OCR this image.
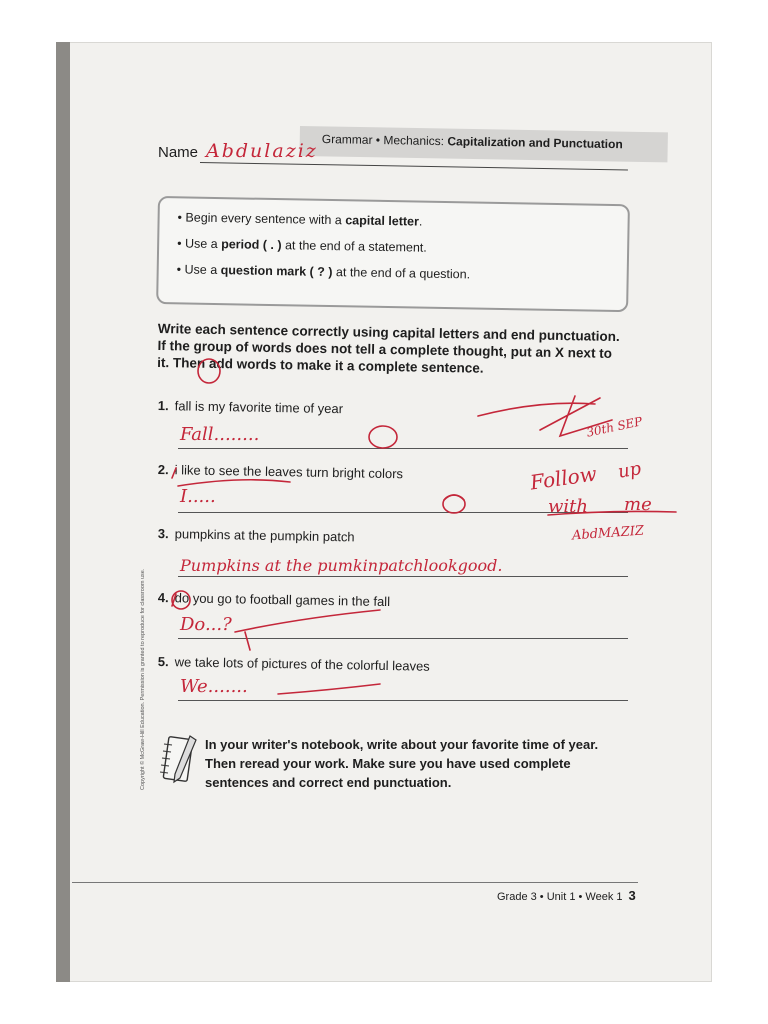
Grammar • Mechanics: Capitalization and Punctuation
Name Abdulaziz
• Begin every sentence with a capital letter.
• Use a period ( . ) at the end of a statement.
• Use a question mark ( ? ) at the end of a question.
Write each sentence correctly using capital letters and end punctuation. If the group of words does not tell a complete thought, put an X next to it. Then add words to make it a complete sentence.
1. fall is my favorite time of year
Fall........
2. i like to see the leaves turn bright colors
I.....
3. pumpkins at the pumpkin patch
Pumpkins at the pumkinpatchlookgood.
4. do you go to football games in the fall
Do...?
5. we take lots of pictures of the colorful leaves
We.......
30th SEP
Follow up
with me
AbdMAZIZ
In your writer's notebook, write about your favorite time of year. Then reread your work. Make sure you have used complete sentences and correct end punctuation.
Copyright © McGraw-Hill Education. Permission is granted to reproduce for classroom use.
Grade 3 • Unit 1 • Week 1 3
